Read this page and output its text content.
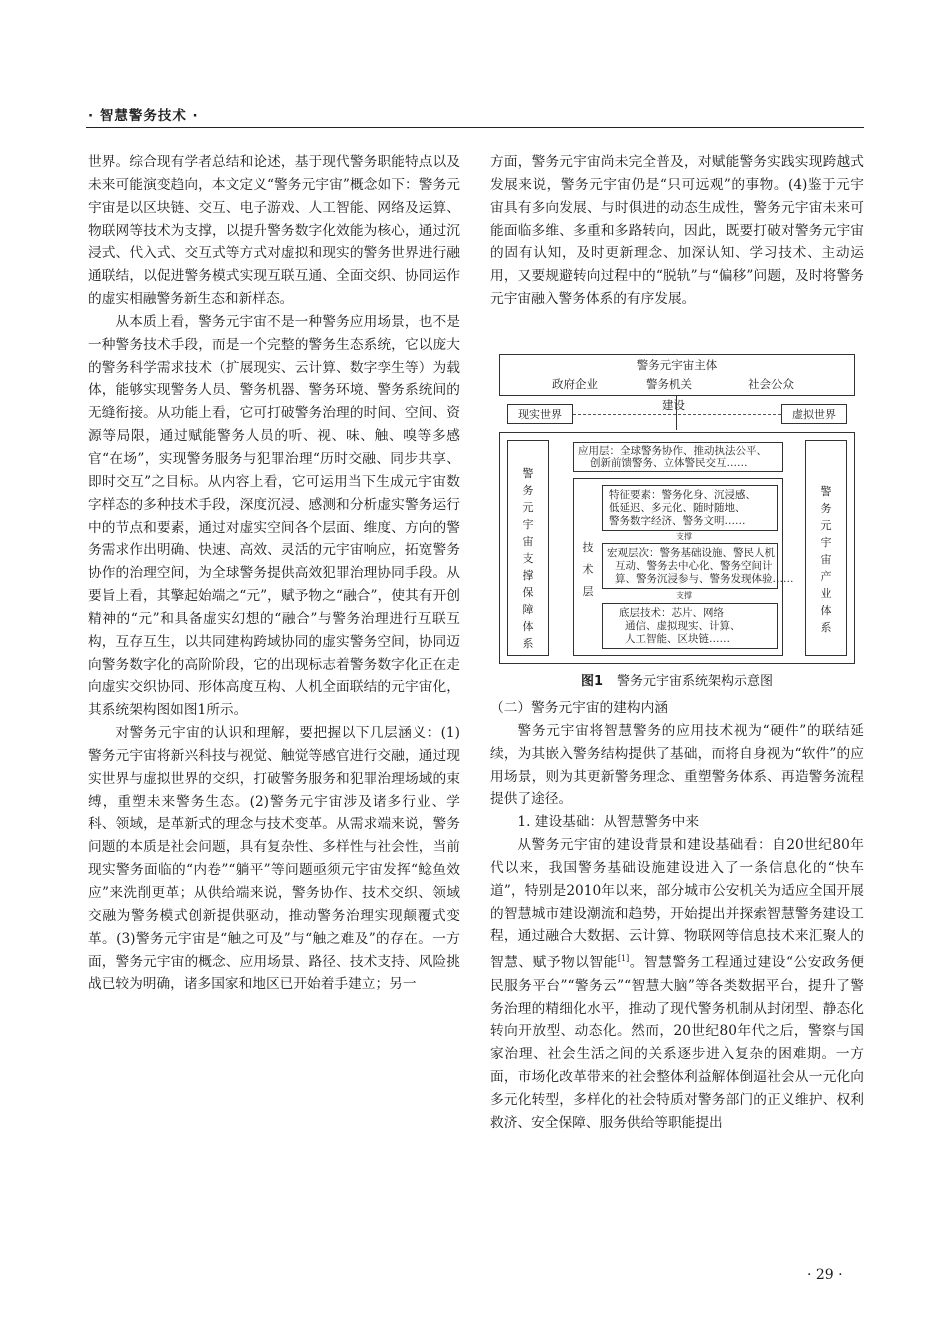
· 智慧警务技术 ·

世界。综合现有学者总结和论述，基于现代警务职能特点以及未来可能演变趋向，本文定义“警务元宇宙”概念如下：警务元宇宙是以区块链、交互、电子游戏、人工智能、网络及运算、物联网等技术为支撑，以提升警务数字化效能为核心，通过沉浸式、代入式、交互式等方式对虚拟和现实的警务世界进行融通联结，以促进警务模式实现互联互通、全面交织、协同运作的虚实相融警务新生态和新样态。

从本质上看，警务元宇宙不是一种警务应用场景，也不是一种警务技术手段，而是一个完整的警务生态系统，它以庞大的警务科学需求技术（扩展现实、云计算、数字孪生等）为载体，能够实现警务人员、警务机器、警务环境、警务系统间的无缝衔接。从功能上看，它可打破警务治理的时间、空间、资源等局限，通过赋能警务人员的听、视、味、触、嗅等多感官“在场”，实现警务服务与犯罪治理“历时交融、同步共享、即时交互”之目标。从内容上看，它可运用当下生成元宇宙数字样态的多种技术手段，深度沉浸、感测和分析虚实警务运行中的节点和要素，通过对虚实空间各个层面、维度、方向的警务需求作出明确、快速、高效、灵活的元宇宙响应，拓宽警务协作的治理空间，为全球警务提供高效犯罪治理协同手段。从要旨上看，其擎起始端之“元”，赋予物之“融合”，使其有开创精神的“元”和具备虚实幻想的“融合”与警务治理进行互联互构，互存互生，以共同建构跨域协同的虚实警务空间，协同迈向警务数字化的高阶阶段，它的出现标志着警务数字化正在走向虚实交织协同、形体高度互构、人机全面联结的元宇宙化，其系统架构图如图1所示。

对警务元宇宙的认识和理解，要把握以下几层涵义：(1)警务元宇宙将新兴科技与视觉、触觉等感官进行交融，通过现实世界与虚拟世界的交织，打破警务服务和犯罪治理场域的束缚，重塑未来警务生态。(2)警务元宇宙涉及诸多行业、学科、领域，是革新式的理念与技术变革。从需求端来说，警务问题的本质是社会问题，具有复杂性、多样性与社会性，当前现实警务面临的“内卷”“躺平”等问题亟须元宇宙发挥“鲶鱼效应”来洗削更革；从供给端来说，警务协作、技术交织、领域交融为警务模式创新提供驱动，推动警务治理实现颠覆式变革。(3)警务元宇宙是“触之可及”与“触之难及”的存在。一方面，警务元宇宙的概念、应用场景、路径、技术支持、风险挑战已较为明确，诸多国家和地区已开始着手建立；另一

方面，警务元宇宙尚未完全普及，对赋能警务实践实现跨越式发展来说，警务元宇宙仍是“只可远观”的事物。(4)鉴于元宇宙具有多向发展、与时俱进的动态生成性，警务元宇宙未来可能面临多维、多重和多路转向，因此，既要打破对警务元宇宙的固有认知，及时更新理念、加深认知、学习技术、主动运用，又要规避转向过程中的“脱轨”与“偏移”问题，及时将警务元宇宙融入警务体系的有序发展。

警务元宇宙主体
政府企业	警务机关	社会公众
建设
现实世界	虚拟世界
警务元宇宙支撑保障体系
警务元宇宙产业体系
应用层：全球警务协作、推动执法公平、
创新前馈警务、立体警民交互……
技术层
特征要素：警务化身、沉浸感、
低延迟、多元化、随时随地、
警务数字经济、警务文明……
支撑
宏观层次：警务基础设施、警民人机
互动、警务去中心化、警务空间计
算、警务沉浸参与、警务发现体验……
支撑
底层技术：芯片、网络
通信、虚拟现实、计算、
人工智能、区块链……
图1 警务元宇宙系统架构示意图

（二）警务元宇宙的建构内涵

警务元宇宙将智慧警务的应用技术视为“硬件”的联结延续，为其嵌入警务结构提供了基础，而将自身视为“软件”的应用场景，则为其更新警务理念、重塑警务体系、再造警务流程提供了途径。

1. 建设基础：从智慧警务中来

从警务元宇宙的建设背景和建设基础看：自20世纪80年代以来，我国警务基础设施建设进入了一条信息化的“快车道”，特别是2010年以来，部分城市公安机关为适应全国开展的智慧城市建设潮流和趋势，开始提出并探索智慧警务建设工程，通过融合大数据、云计算、物联网等信息技术来汇聚人的智慧、赋予物以智能[1]。智慧警务工程通过建设“公安政务便民服务平台”“警务云”“智慧大脑”等各类数据平台，提升了警务治理的精细化水平，推动了现代警务机制从封闭型、静态化转向开放型、动态化。然而，20世纪80年代之后，警察与国家治理、社会生活之间的关系逐步进入复杂的困难期。一方面，市场化改革带来的社会整体利益解体倒逼社会从一元化向多元化转型，多样化的社会特质对警务部门的正义维护、权利救济、安全保障、服务供给等职能提出

· 29 ·
